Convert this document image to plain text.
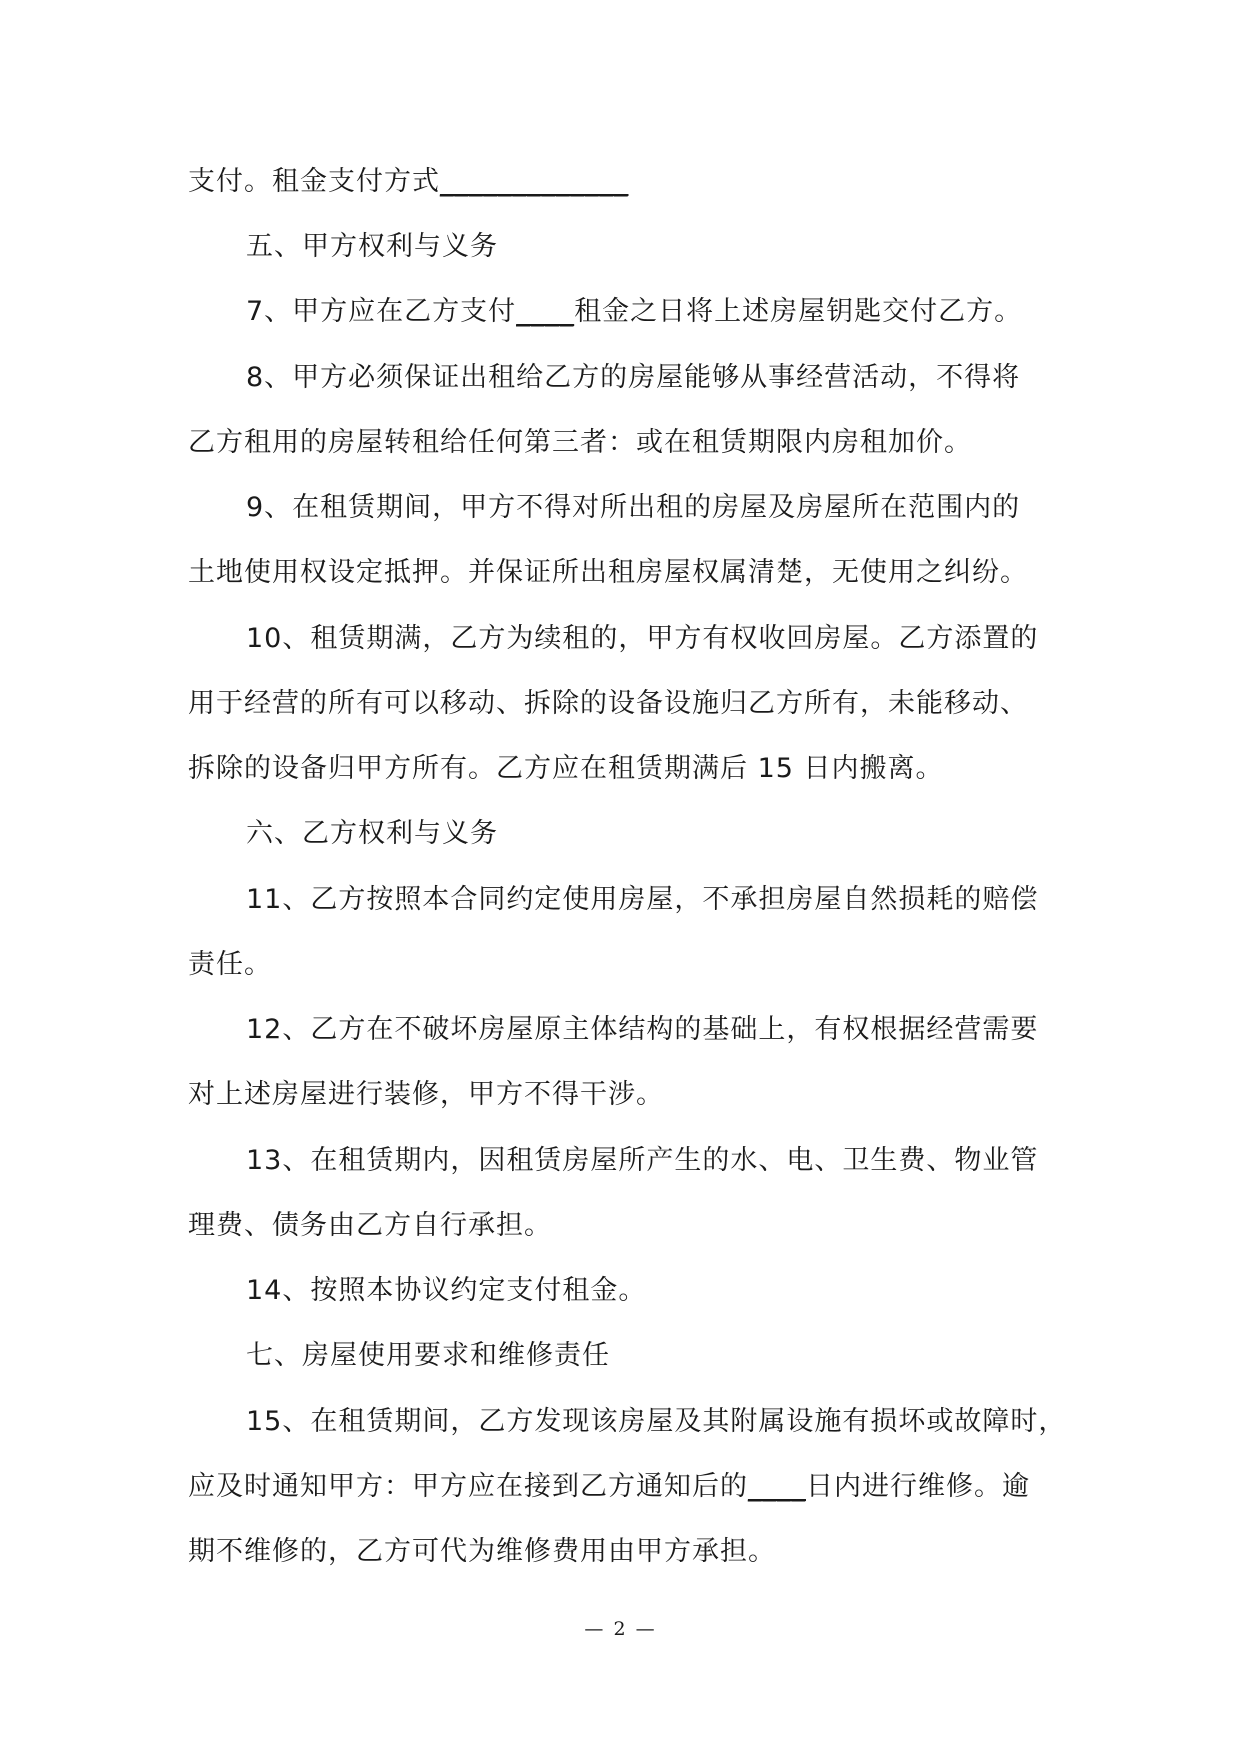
支付。租金支付方式_____________
五、甲方权利与义务
7、甲方应在乙方支付____租金之日将上述房屋钥匙交付乙方。
8、甲方必须保证出租给乙方的房屋能够从事经营活动，不得将
乙方租用的房屋转租给任何第三者：或在租赁期限内房租加价。
9、在租赁期间，甲方不得对所出租的房屋及房屋所在范围内的
土地使用权设定抵押。并保证所出租房屋权属清楚，无使用之纠纷。
10、租赁期满，乙方为续租的，甲方有权收回房屋。乙方添置的
用于经营的所有可以移动、拆除的设备设施归乙方所有，未能移动、
拆除的设备归甲方所有。乙方应在租赁期满后 15 日内搬离。
六、乙方权利与义务
11、乙方按照本合同约定使用房屋，不承担房屋自然损耗的赔偿
责任。
12、乙方在不破坏房屋原主体结构的基础上，有权根据经营需要
对上述房屋进行装修，甲方不得干涉。
13、在租赁期内，因租赁房屋所产生的水、电、卫生费、物业管
理费、债务由乙方自行承担。
14、按照本协议约定支付租金。
七、房屋使用要求和维修责任
15、在租赁期间，乙方发现该房屋及其附属设施有损坏或故障时，
应及时通知甲方：甲方应在接到乙方通知后的____日内进行维修。逾
期不维修的，乙方可代为维修费用由甲方承担。
— 2 —
